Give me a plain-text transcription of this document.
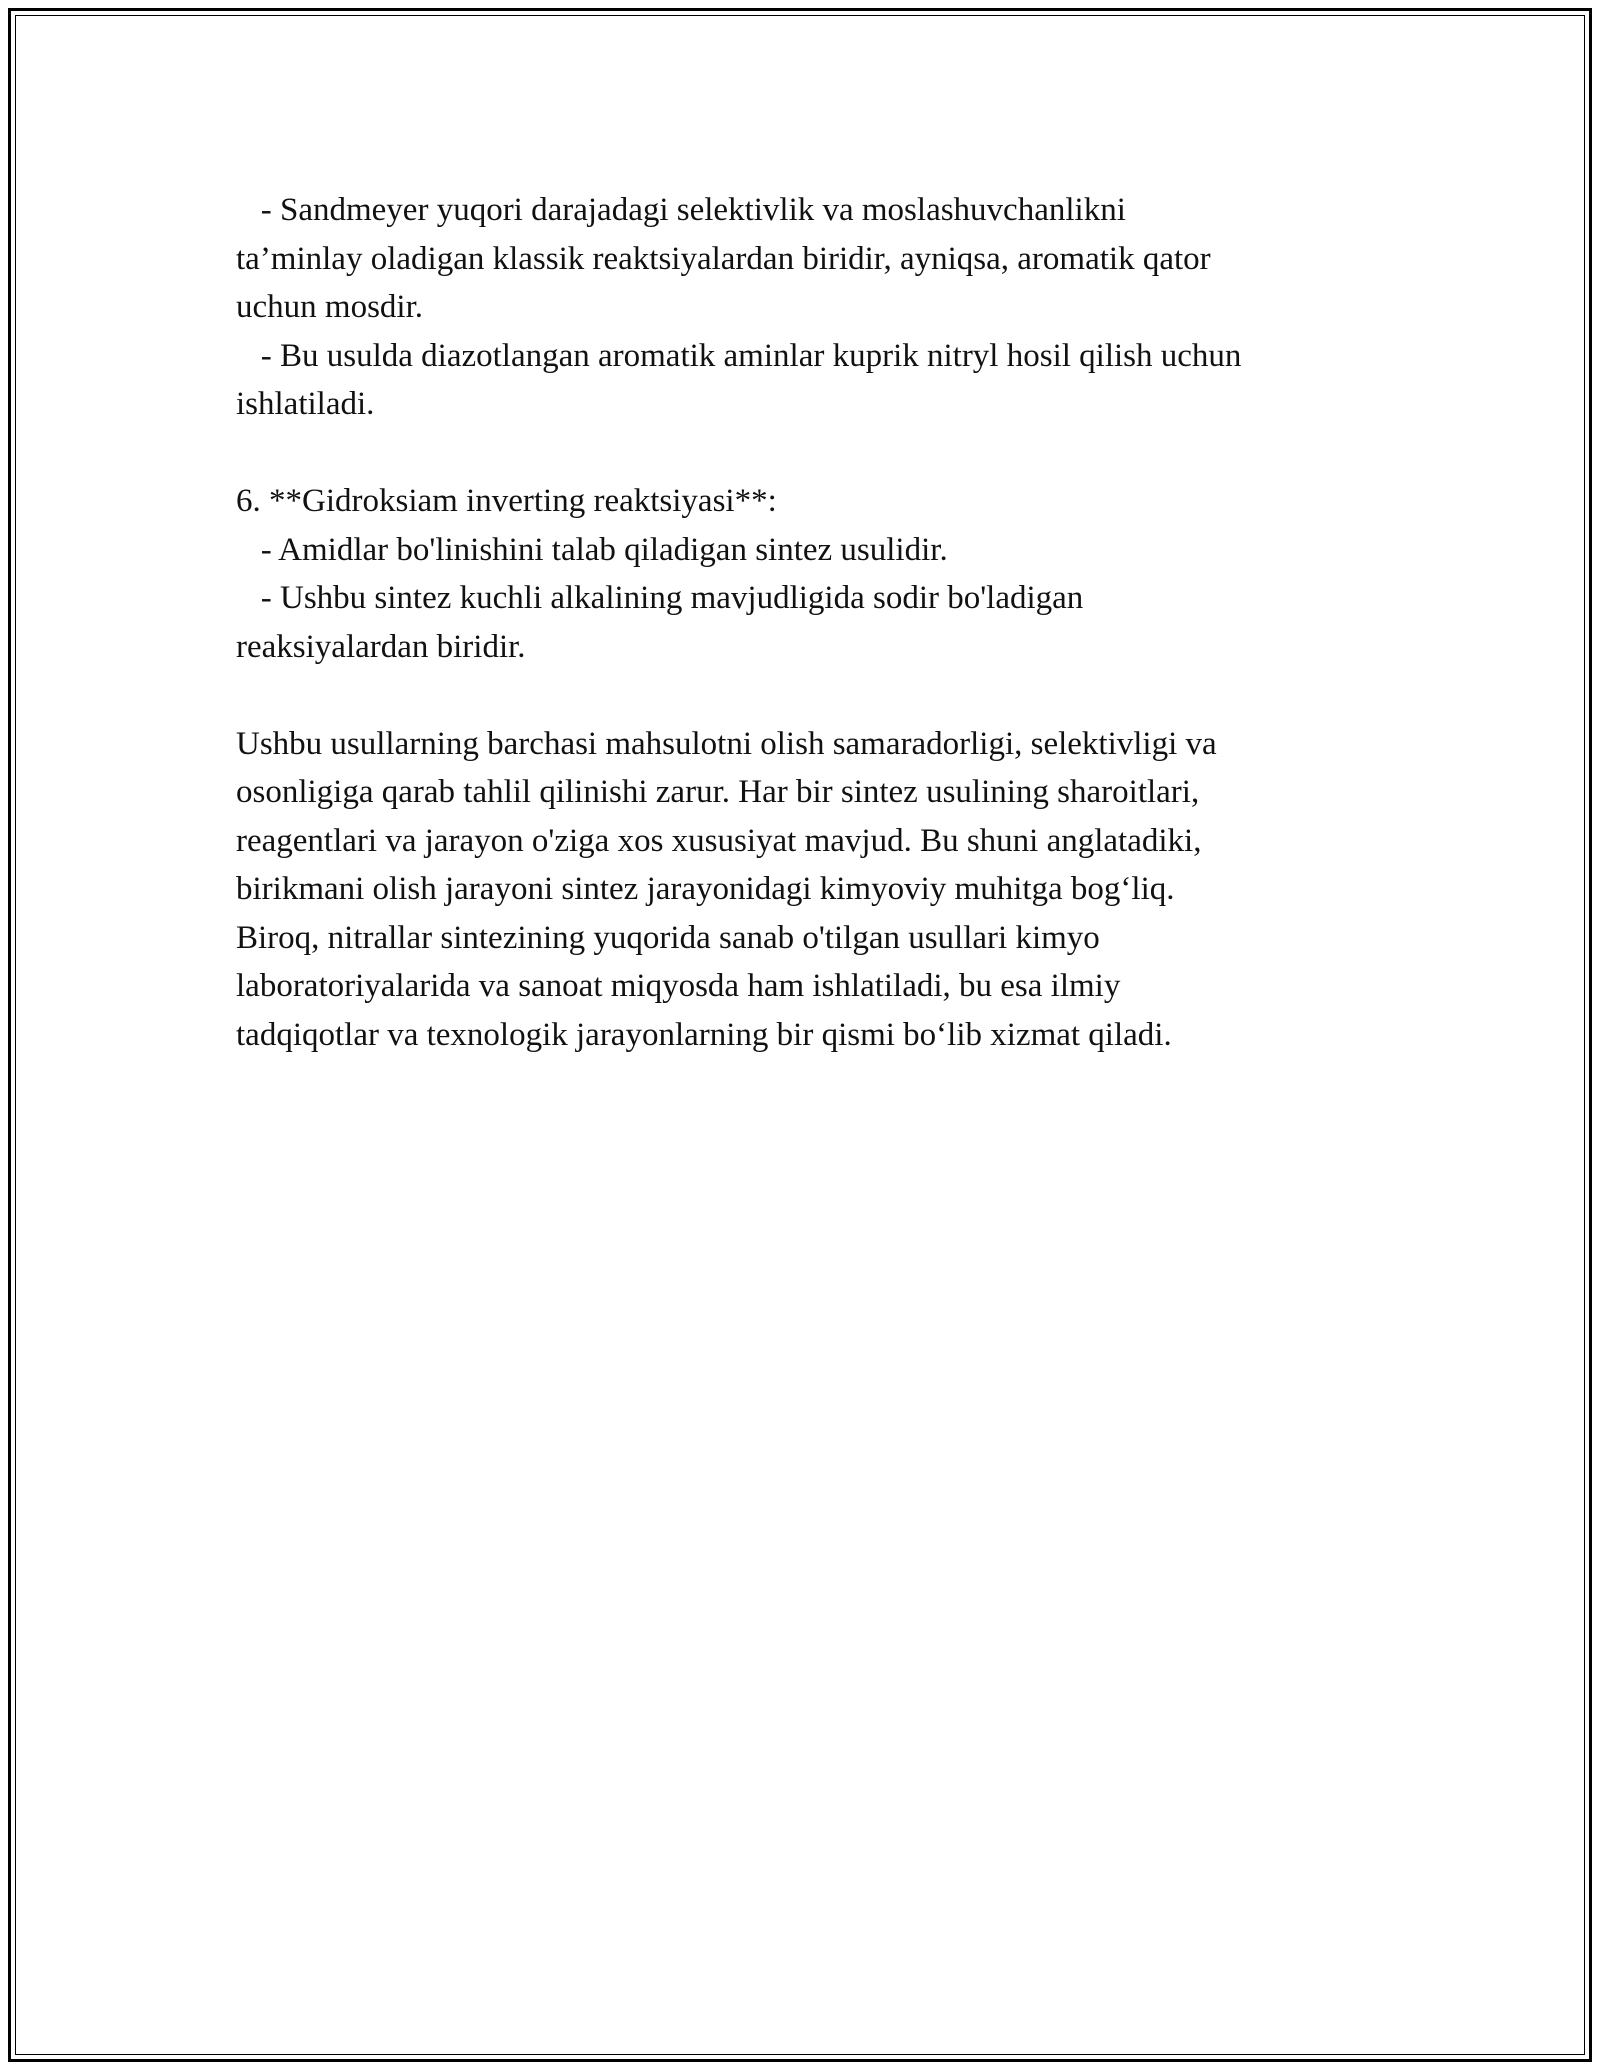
- Sandmeyer yuqori darajadagi selektivlik va moslashuvchanlikni
ta’minlay oladigan klassik reaktsiyalardan biridir, ayniqsa, aromatik qator
uchun mosdir.
- Bu usulda diazotlangan aromatik aminlar kuprik nitryl hosil qilish uchun
ishlatiladi.
6. **Gidroksiam inverting reaktsiyasi**:
- Amidlar bo'linishini talab qiladigan sintez usulidir.
- Ushbu sintez kuchli alkalining mavjudligida sodir bo'ladigan
reaksiyalardan biridir.
Ushbu usullarning barchasi mahsulotni olish samaradorligi, selektivligi va
osonligiga qarab tahlil qilinishi zarur. Har bir sintez usulining sharoitlari,
reagentlari va jarayon o'ziga xos xususiyat mavjud. Bu shuni anglatadiki,
birikmani olish jarayoni sintez jarayonidagi kimyoviy muhitga bog‘liq.
Biroq, nitrallar sintezining yuqorida sanab o'tilgan usullari kimyo
laboratoriyalarida va sanoat miqyosda ham ishlatiladi, bu esa ilmiy
tadqiqotlar va texnologik jarayonlarning bir qismi bo‘lib xizmat qiladi.
